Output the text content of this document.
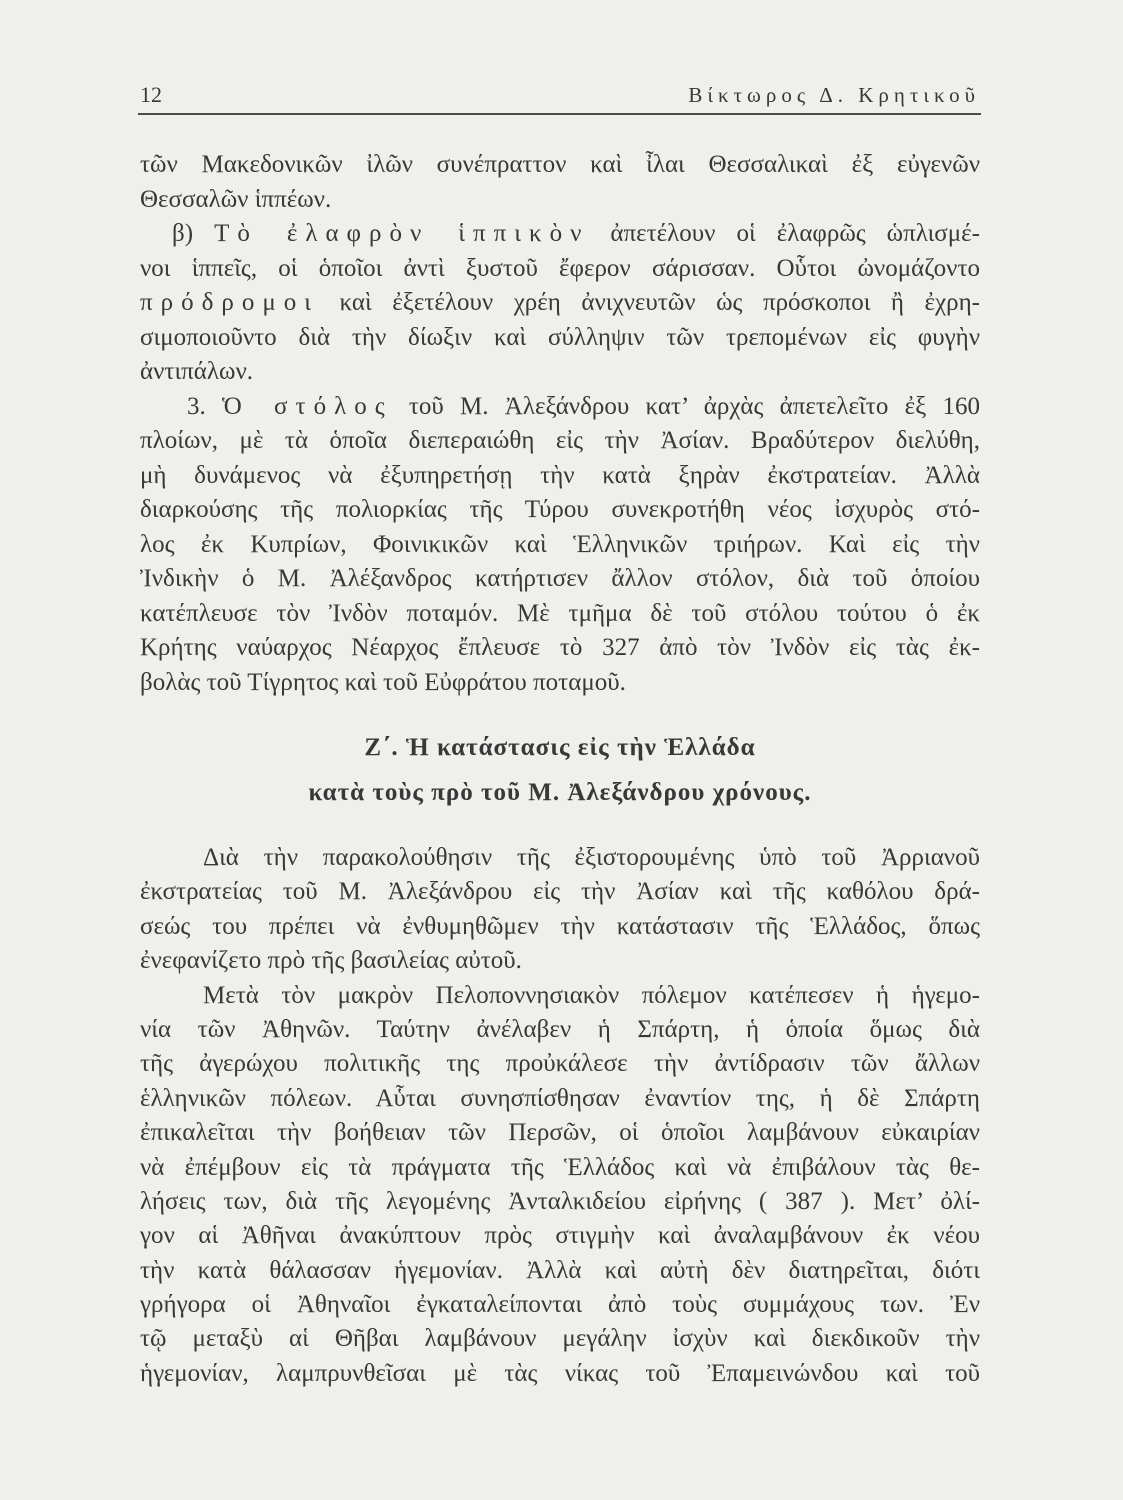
12	Βίκτωρος Δ. Κρητικοῦ
τῶν Μακεδονικῶν ἰλῶν συνέπραττον καὶ ἶλαι Θεσσαλικαὶ ἐξ εὐγενῶν
Θεσσαλῶν ἱππέων.
β) Τὸ ἐλαφρὸν ἱππικὸν ἀπετέλουν οἱ ἐλαφρῶς ὡπλισμέ-
νοι ἱππεῖς, οἱ ὁποῖοι ἀντὶ ξυστοῦ ἔφερον σάρισσαν. Οὗτοι ὠνομάζοντο
πρόδρομοι καὶ ἐξετέλουν χρέη ἀνιχνευτῶν ὡς πρόσκοποι ἢ ἐχρη-
σιμοποιοῦντο διὰ τὴν δίωξιν καὶ σύλληψιν τῶν τρεπομένων εἰς φυγὴν
ἀντιπάλων.
3. Ὁ στόλος τοῦ Μ. Ἀλεξάνδρου κατ’ ἀρχὰς ἀπετελεῖτο ἐξ 160
πλοίων, μὲ τὰ ὁποῖα διεπεραιώθη εἰς τὴν Ἀσίαν. Βραδύτερον διελύθη,
μὴ δυνάμενος νὰ ἐξυπηρετήσῃ τὴν κατὰ ξηρὰν ἐκστρατείαν. Ἀλλὰ
διαρκούσης τῆς πολιορκίας τῆς Τύρου συνεκροτήθη νέος ἰσχυρὸς στό-
λος ἐκ Κυπρίων, Φοινικικῶν καὶ Ἑλληνικῶν τριήρων. Καὶ εἰς τὴν
Ἰνδικὴν ὁ Μ. Ἀλέξανδρος κατήρτισεν ἄλλον στόλον, διὰ τοῦ ὁποίου
κατέπλευσε τὸν Ἰνδὸν ποταμόν. Μὲ τμῆμα δὲ τοῦ στόλου τούτου ὁ ἐκ
Κρήτης ναύαρχος Νέαρχος ἔπλευσε τὸ 327 ἀπὸ τὸν Ἰνδὸν εἰς τὰς ἐκ-
βολὰς τοῦ Τίγρητος καὶ τοῦ Εὐφράτου ποταμοῦ.
Ζ΄. Ἡ κατάστασις εἰς τὴν Ἑλλάδα
κατὰ τοὺς πρὸ τοῦ Μ. Ἀλεξάνδρου χρόνους.
Διὰ τὴν παρακολούθησιν τῆς ἐξιστορουμένης ὑπὸ τοῦ Ἀρριανοῦ
ἐκστρατείας τοῦ Μ. Ἀλεξάνδρου εἰς τὴν Ἀσίαν καὶ τῆς καθόλου δρά-
σεώς του πρέπει νὰ ἐνθυμηθῶμεν τὴν κατάστασιν τῆς Ἑλλάδος, ὅπως
ἐνεφανίζετο πρὸ τῆς βασιλείας αὐτοῦ.
Μετὰ τὸν μακρὸν Πελοποννησιακὸν πόλεμον κατέπεσεν ἡ ἡγεμο-
νία τῶν Ἀθηνῶν. Ταύτην ἀνέλαβεν ἡ Σπάρτη, ἡ ὁποία ὅμως διὰ
τῆς ἀγερώχου πολιτικῆς της προὐκάλεσε τὴν ἀντίδρασιν τῶν ἄλλων
ἑλληνικῶν πόλεων. Αὗται συνησπίσθησαν ἐναντίον της, ἡ δὲ Σπάρτη
ἐπικαλεῖται τὴν βοήθειαν τῶν Περσῶν, οἱ ὁποῖοι λαμβάνουν εὐκαιρίαν
νὰ ἐπέμβουν εἰς τὰ πράγματα τῆς Ἑλλάδος καὶ νὰ ἐπιβάλουν τὰς θε-
λήσεις των, διὰ τῆς λεγομένης Ἀνταλκιδείου εἰρήνης ( 387 ). Μετ’ ὀλί-
γον αἱ Ἀθῆναι ἀνακύπτουν πρὸς στιγμὴν καὶ ἀναλαμβάνουν ἐκ νέου
τὴν κατὰ θάλασσαν ἡγεμονίαν. Ἀλλὰ καὶ αὐτὴ δὲν διατηρεῖται, διότι
γρήγορα οἱ Ἀθηναῖοι ἐγκαταλείπονται ἀπὸ τοὺς συμμάχους των. Ἐν
τῷ μεταξὺ αἱ Θῆβαι λαμβάνουν μεγάλην ἰσχὺν καὶ διεκδικοῦν τὴν
ἡγεμονίαν, λαμπρυνθεῖσαι μὲ τὰς νίκας τοῦ Ἐπαμεινώνδου καὶ τοῦ
